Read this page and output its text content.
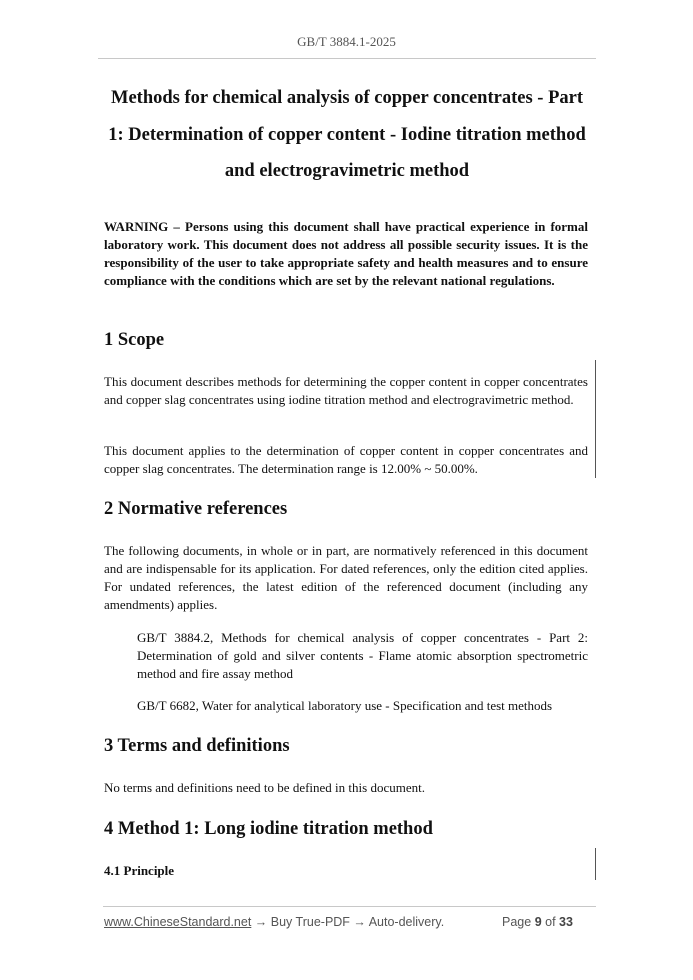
GB/T 3884.1-2025
Methods for chemical analysis of copper concentrates - Part
1: Determination of copper content - Iodine titration method
and electrogravimetric method
WARNING – Persons using this document shall have practical experience in formal laboratory work. This document does not address all possible security issues. It is the responsibility of the user to take appropriate safety and health measures and to ensure compliance with the conditions which are set by the relevant national regulations.
1 Scope
This document describes methods for determining the copper content in copper concentrates and copper slag concentrates using iodine titration method and electrogravimetric method.
This document applies to the determination of copper content in copper concentrates and copper slag concentrates. The determination range is 12.00% ~ 50.00%.
2 Normative references
The following documents, in whole or in part, are normatively referenced in this document and are indispensable for its application. For dated references, only the edition cited applies. For undated references, the latest edition of the referenced document (including any amendments) applies.
GB/T 3884.2, Methods for chemical analysis of copper concentrates - Part 2: Determination of gold and silver contents - Flame atomic absorption spectrometric method and fire assay method
GB/T 6682, Water for analytical laboratory use - Specification and test methods
3 Terms and definitions
No terms and definitions need to be defined in this document.
4 Method 1: Long iodine titration method
4.1 Principle
www.ChineseStandard.net → Buy True-PDF → Auto-delivery.	Page 9 of 33
